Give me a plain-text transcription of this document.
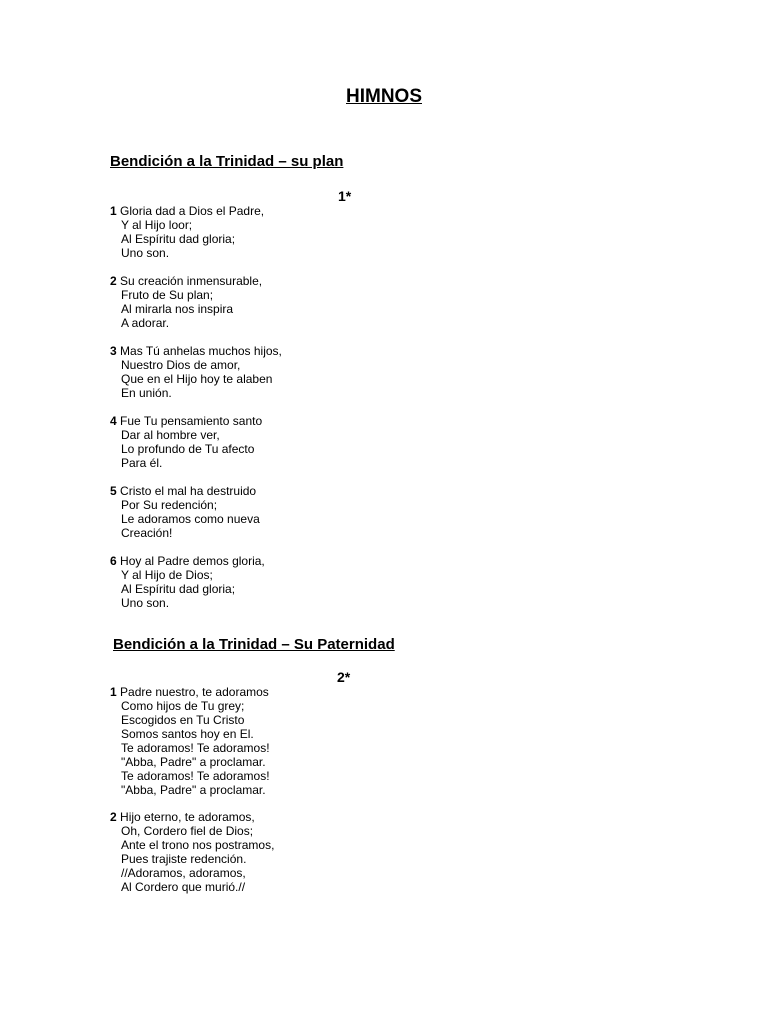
HIMNOS
Bendición a la Trinidad – su plan
1*
1 Gloria dad a Dios el Padre,
Y al Hijo loor;
Al Espíritu dad gloria;
Uno son.
2 Su creación inmensurable,
Fruto de Su plan;
Al mirarla nos inspira
A adorar.
3 Mas Tú anhelas muchos hijos,
Nuestro Dios de amor,
Que en el Hijo hoy te alaben
En unión.
4 Fue Tu pensamiento santo
Dar al hombre ver,
Lo profundo de Tu afecto
Para él.
5 Cristo el mal ha destruido
Por Su redención;
Le adoramos como nueva
Creación!
6 Hoy al Padre demos gloria,
Y al Hijo de Dios;
Al Espíritu dad gloria;
Uno son.
Bendición a la Trinidad – Su Paternidad
2*
1 Padre nuestro, te adoramos
Como hijos de Tu grey;
Escogidos en Tu Cristo
Somos santos hoy en El.
Te adoramos! Te adoramos!
"Abba, Padre" a proclamar.
Te adoramos! Te adoramos!
"Abba, Padre" a proclamar.
2 Hijo eterno, te adoramos,
Oh, Cordero fiel de Dios;
Ante el trono nos postramos,
Pues trajiste redención.
//Adoramos, adoramos,
Al Cordero que murió.//
